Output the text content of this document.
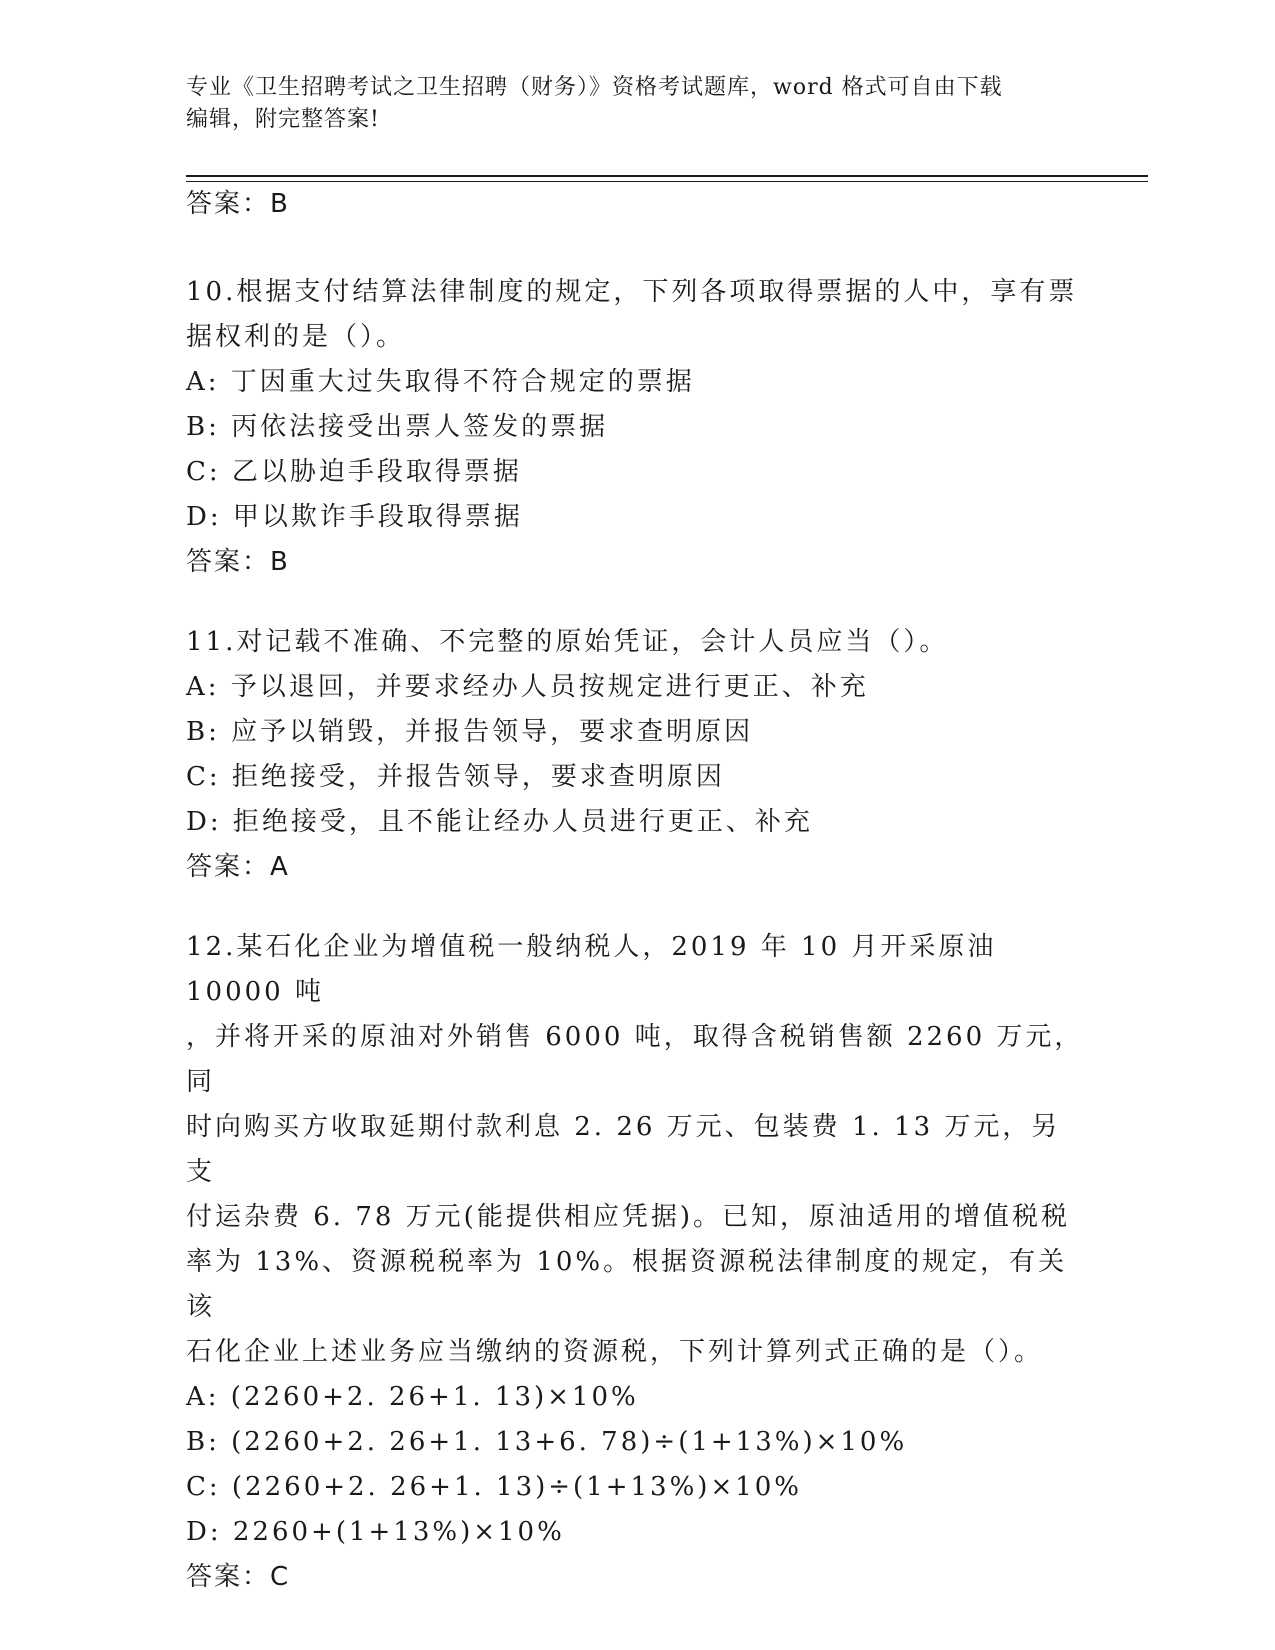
专业《卫生招聘考试之卫生招聘（财务）》资格考试题库，word 格式可自由下载
编辑，附完整答案!
答案：B
10.根据支付结算法律制度的规定，下列各项取得票据的人中，享有票
据权利的是（）。
A: 丁因重大过失取得不符合规定的票据
B: 丙依法接受出票人签发的票据
C: 乙以胁迫手段取得票据
D: 甲以欺诈手段取得票据
答案：B
11.对记载不准确、不完整的原始凭证，会计人员应当（）。
A: 予以退回，并要求经办人员按规定进行更正、补充
B: 应予以销毁，并报告领导，要求查明原因
C: 拒绝接受，并报告领导，要求查明原因
D: 拒绝接受，且不能让经办人员进行更正、补充
答案：A
12.某石化企业为增值税一般纳税人，2019 年 10 月开采原油 10000 吨
，并将开采的原油对外销售 6000 吨，取得含税销售额 2260 万元，同
时向购买方收取延期付款利息 2. 26 万元、包装费 1. 13 万元，另支
付运杂费 6. 78 万元(能提供相应凭据)。已知，原油适用的增值税税
率为 13%、资源税税率为 10%。根据资源税法律制度的规定，有关该
石化企业上述业务应当缴纳的资源税，下列计算列式正确的是（）。
A: (2260+2. 26+1. 13)×10%
B: (2260+2. 26+1. 13+6. 78)÷(1+13%)×10%
C: (2260+2. 26+1. 13)÷(1+13%)×10%
D: 2260+(1+13%)×10%
答案：C
